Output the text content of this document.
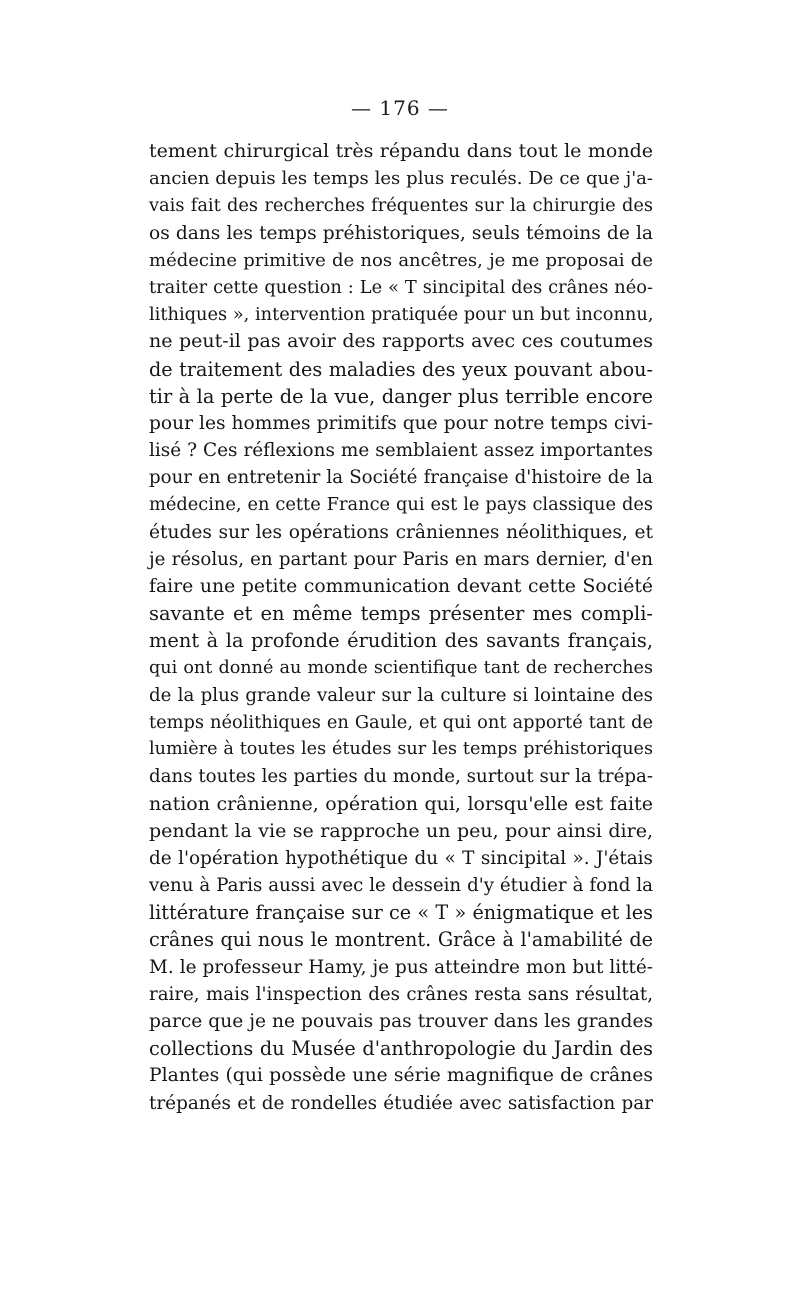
— 176 —
tement chirurgical très répandu dans tout le monde
ancien depuis les temps les plus reculés. De ce que j'a-
vais fait des recherches fréquentes sur la chirurgie des
os dans les temps préhistoriques, seuls témoins de la
médecine primitive de nos ancêtres, je me proposai de
traiter cette question : Le « T sincipital des crânes néo-
lithiques », intervention pratiquée pour un but inconnu,
ne peut-il pas avoir des rapports avec ces coutumes
de traitement des maladies des yeux pouvant abou-
tir à la perte de la vue, danger plus terrible encore
pour les hommes primitifs que pour notre temps civi-
lisé ? Ces réflexions me semblaient assez importantes
pour en entretenir la Société française d'histoire de la
médecine, en cette France qui est le pays classique des
études sur les opérations crâniennes néolithiques, et
je résolus, en partant pour Paris en mars dernier, d'en
faire une petite communication devant cette Société
savante et en même temps présenter mes compli-
ment à la profonde érudition des savants français,
qui ont donné au monde scientifique tant de recherches
de la plus grande valeur sur la culture si lointaine des
temps néolithiques en Gaule, et qui ont apporté tant de
lumière à toutes les études sur les temps préhistoriques
dans toutes les parties du monde, surtout sur la trépa-
nation crânienne, opération qui, lorsqu'elle est faite
pendant la vie se rapproche un peu, pour ainsi dire,
de l'opération hypothétique du « T sincipital ». J'étais
venu à Paris aussi avec le dessein d'y étudier à fond la
littérature française sur ce « T » énigmatique et les
crânes qui nous le montrent. Grâce à l'amabilité de
M. le professeur Hamy, je pus atteindre mon but litté-
raire, mais l'inspection des crânes resta sans résultat,
parce que je ne pouvais pas trouver dans les grandes
collections du Musée d'anthropologie du Jardin des
Plantes (qui possède une série magnifique de crânes
trépanés et de rondelles étudiée avec satisfaction par
